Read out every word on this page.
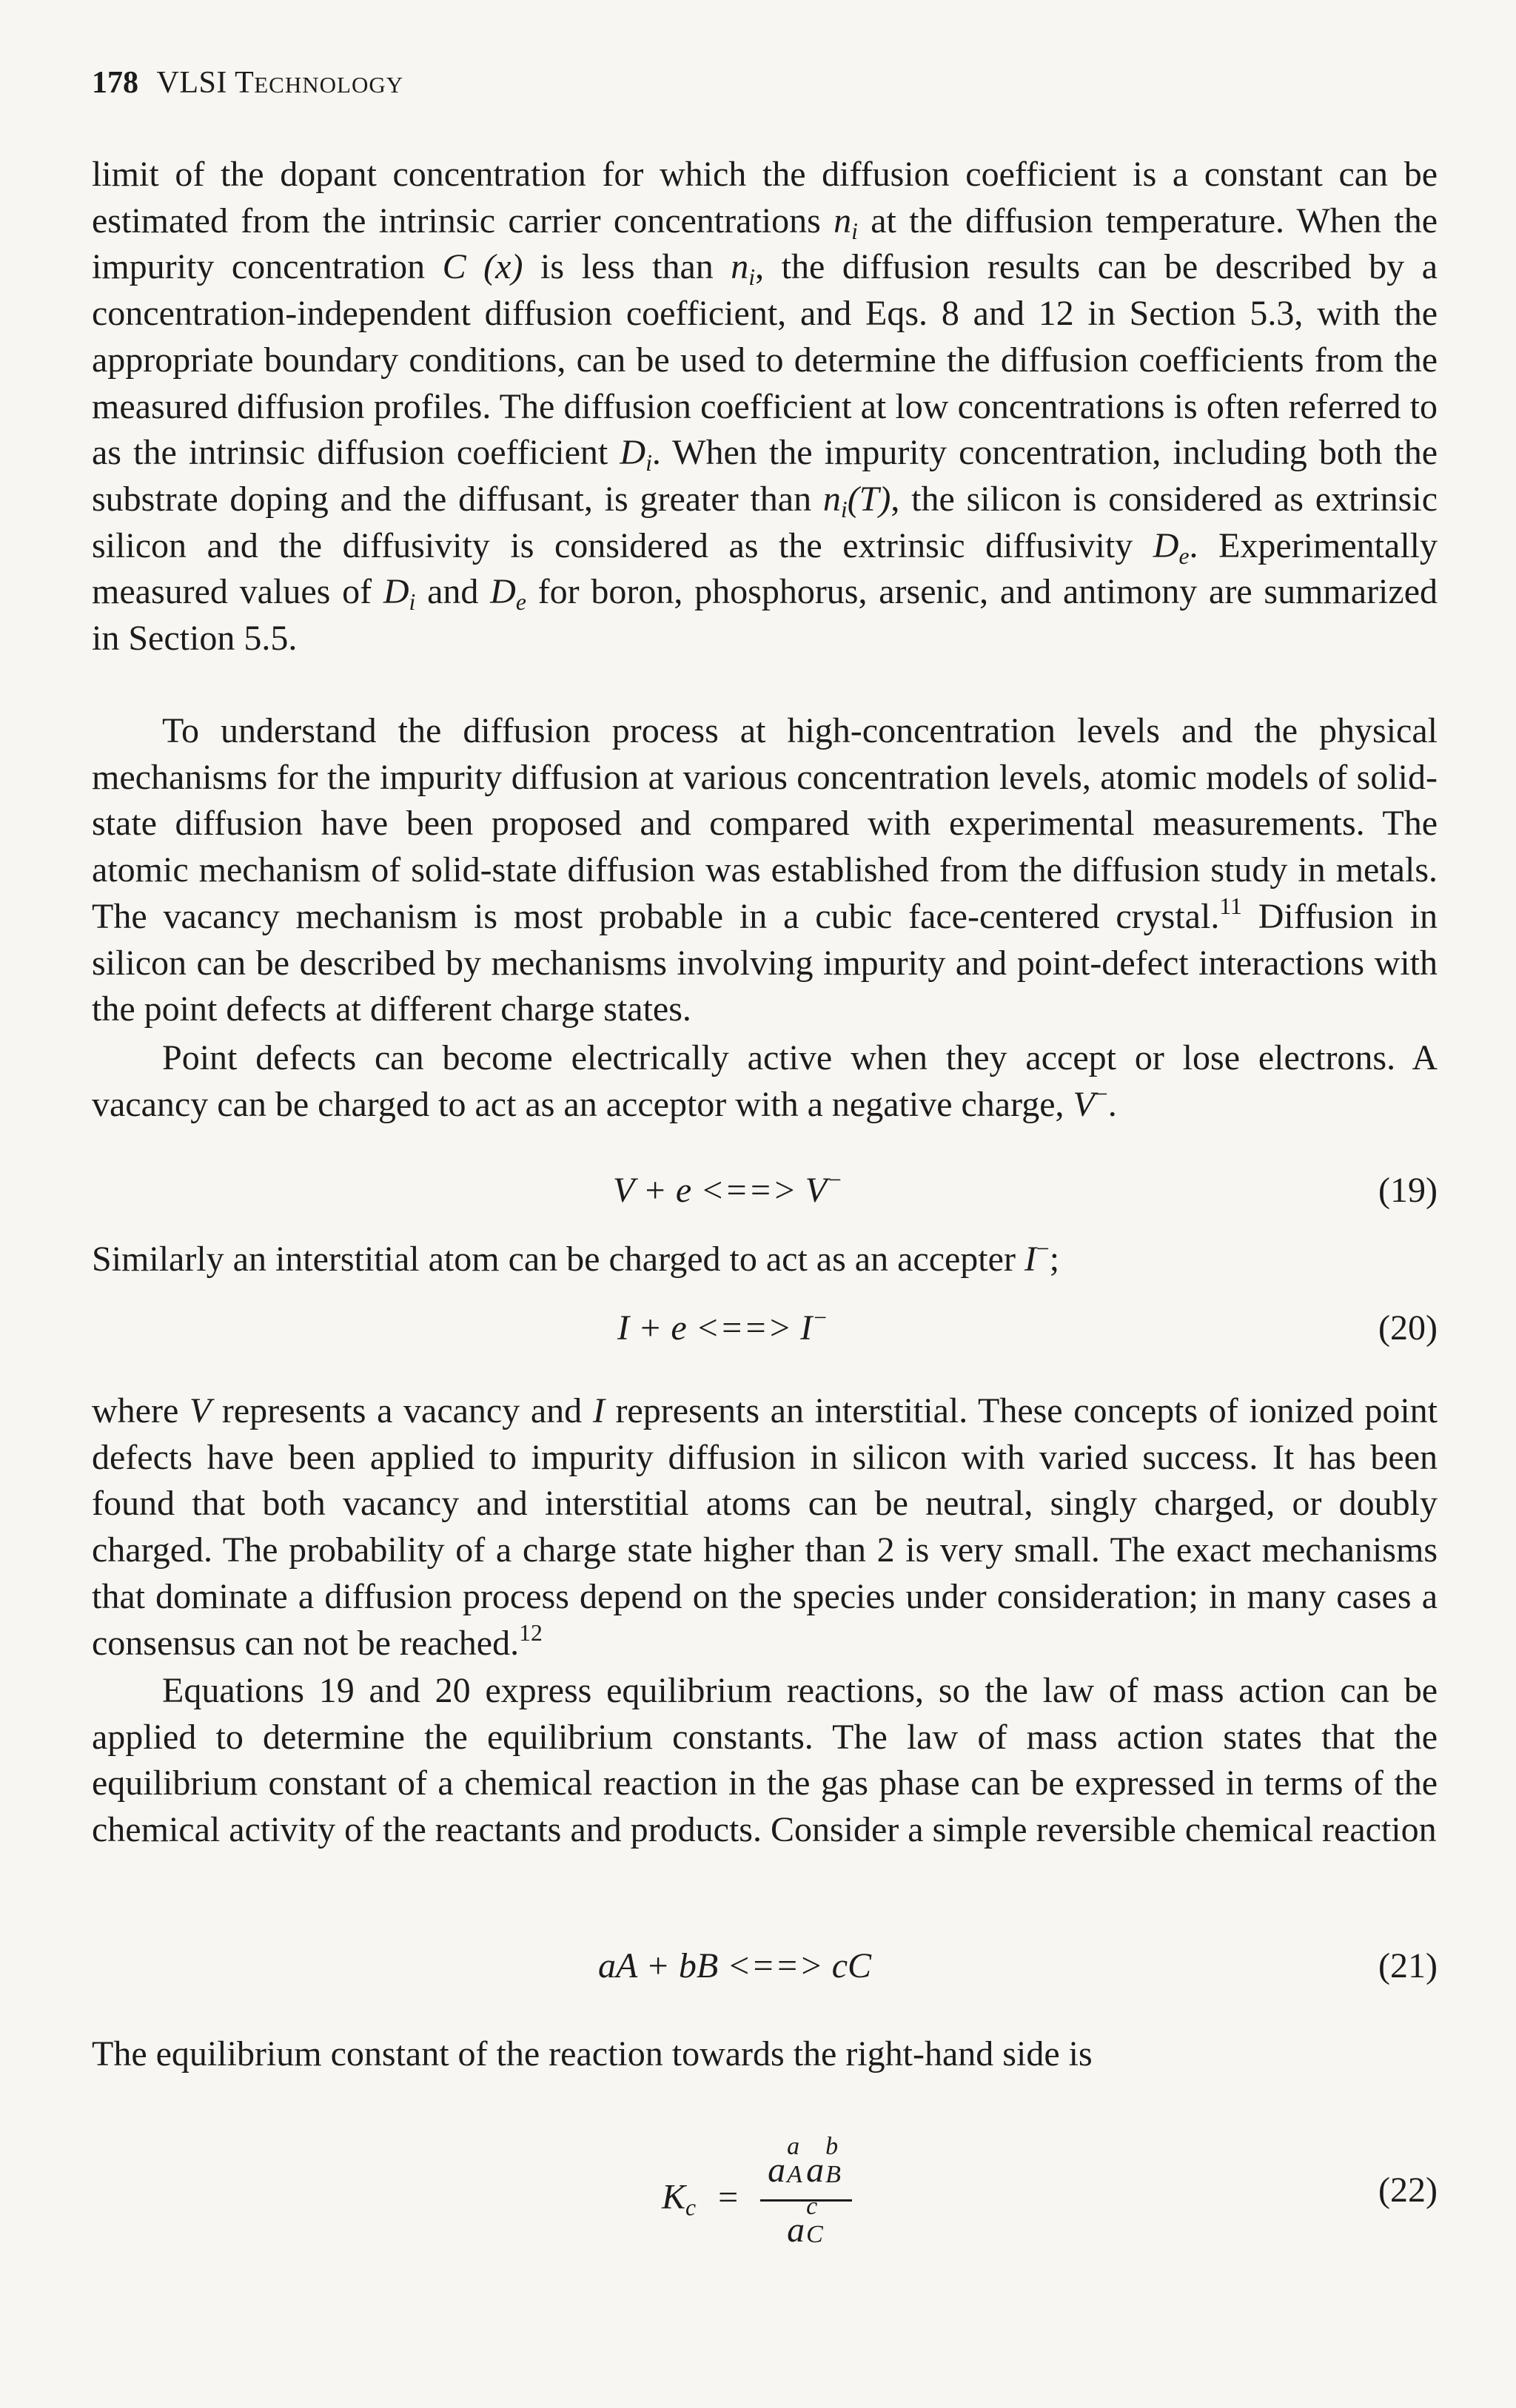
178 VLSI TECHNOLOGY

limit of the dopant concentration for which the diffusion coefficient is a constant can be estimated from the intrinsic carrier concentrations $n_i$ at the diffusion temperature. When the impurity concentration C (x) is less than $n_i$, the diffusion results can be described by a concentration-independent diffusion coefficient, and Eqs. 8 and 12 in Section 5.3, with the appropriate boundary conditions, can be used to determine the diffusion coefficients from the measured diffusion profiles. The diffusion coefficient at low concentrations is often referred to as the intrinsic diffusion coefficient $D_i$. When the impurity concentration, including both the substrate doping and the diffusant, is greater than $n_i(T)$, the silicon is considered as extrinsic silicon and the diffusivity is considered as the extrinsic diffusivity $D_e$. Experimentally measured values of $D_i$ and $D_e$ for boron, phosphorus, arsenic, and antimony are summarized in Section 5.5.

To understand the diffusion process at high-concentration levels and the physical mechanisms for the impurity diffusion at various concentration levels, atomic models of solid-state diffusion have been proposed and compared with experimental measurements. The atomic mechanism of solid-state diffusion was established from the diffusion study in metals. The vacancy mechanism is most probable in a cubic face-centered crystal.$^{11}$ Diffusion in silicon can be described by mechanisms involving impurity and point-defect interactions with the point defects at different charge states.

Point defects can become electrically active when they accept or lose electrons. A vacancy can be charged to act as an acceptor with a negative charge, V−.

V + e <==> V−	(19)

Similarly an interstitial atom can be charged to act as an accepter I−;

I + e <==> I−	(20)

where V represents a vacancy and I represents an interstitial. These concepts of ionized point defects have been applied to impurity diffusion in silicon with varied success. It has been found that both vacancy and interstitial atoms can be neutral, singly charged, or doubly charged. The probability of a charge state higher than 2 is very small. The exact mechanisms that dominate a diffusion process depend on the species under consideration; in many cases a consensus can not be reached.$^{12}$

Equations 19 and 20 express equilibrium reactions, so the law of mass action can be applied to determine the equilibrium constants. The law of mass action states that the equilibrium constant of a chemical reaction in the gas phase can be expressed in terms of the chemical activity of the reactants and products. Consider a simple reversible chemical reaction

aA + bB <==> cC	(21)

The equilibrium constant of the reaction towards the right-hand side is

$K_c = a$
a
A a
b
B
a
c
C	(22)
